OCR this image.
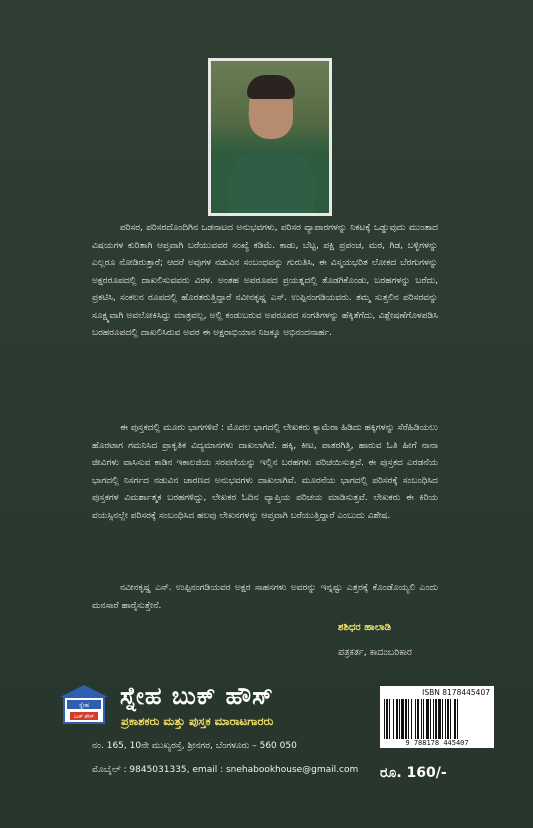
ಪರಿಸರ, ಪರಿಸರದೊಂದಿಗಿನ ಒಡನಾಟದ ಅನುಭವಗಳು, ಪರಿಸರ ವ್ಯಾಪಾರಗಳನ್ನು ನಿಕಟಕ್ಕೆ ಒಡ್ಡುವುದು ಮುಂತಾದ ವಿಷಯಗಳ ಕುರಿತಾಗಿ ಆಪ್ತವಾಗಿ ಬರೆಯುವವರ ಸಂಖ್ಯೆ ಕಡಿಮೆ. ಕಾಡು, ಬೆಟ್ಟ, ಪಕ್ಷಿ ಪ್ರಪಂಚ, ಮರ, ಗಿಡ, ಬಳ್ಳಿಗಳನ್ನು ಎಲ್ಲರೂ ನೋಡಿರುತ್ತಾರೆ; ಆದರೆ ಅವುಗಳ ನಡುವಿನ ಸಂಬಂಧವನ್ನು ಗುರುತಿಸಿ, ಈ ವಿಸ್ಮಯಭರಿತ ಲೋಕದ ಬೆರಗುಗಳನ್ನು ಅಕ್ಷರರೂಪದಲ್ಲಿ ದಾಖಲಿಸುವವರು ವಿರಳ. ಅಂತಹ ಅಪರೂಪದ ಪ್ರಯತ್ನದಲ್ಲಿ ತೊಡಗಿಕೊಂಡು, ಬರಹಗಳನ್ನು ಬರೆದು, ಪ್ರಕಟಿಸಿ, ಸಂಕಲನ ರೂಪದಲ್ಲಿ ಹೊರತರುತ್ತಿದ್ದಾರೆ ನವೀನಕೃಷ್ಣ ಎಸ್. ಉಪ್ಪಿನಂಗಡಿಯವರು. ತಮ್ಮ ಸುತ್ತಲಿನ ಪರಿಸರವನ್ನು ಸೂಕ್ಷ್ಮವಾಗಿ ಅವಲೋಕಿಸಿದ್ದು ಮಾತ್ರವಲ್ಲ, ಅಲ್ಲಿ ಕಂಡುಬರುವ ಅಪರೂಪದ ಸಂಗತಿಗಳನ್ನು ಹೆಕ್ಕಿತೆಗೆದು, ವಿಶ್ಲೇಷಣೆಗೊಳಪಡಿಸಿ ಬರಹರೂಪದಲ್ಲಿ ದಾಖಲಿಸಿರುವ ಅವರ ಈ ಅಕ್ಷರಾಭಿಯಾನ ನಿಜಕ್ಕೂ ಅಭಿನಂದನಾರ್ಹ.
ಈ ಪುಸ್ತಕದಲ್ಲಿ ಮೂರು ಭಾಗಗಳಿವೆ : ಮೊದಲ ಭಾಗದಲ್ಲಿ ಲೇಖಕರು ಕ್ಯಾಮೆರಾ ಹಿಡಿದು ಹಕ್ಕಿಗಳನ್ನು ಸೆರೆಹಿಡಿಯಲು ಹೊರಟಾಗ ಗಮನಿಸಿದ ಪ್ರಾಕೃತಿಕ ವಿದ್ಯಮಾನಗಳು ದಾಖಲಾಗಿವೆ. ಹಕ್ಕಿ, ಕೀಟ, ಪಾತರಗಿತ್ತಿ, ಹಾರುವ ಓತಿ ಹೀಗೆ ನಾನಾ ಜೀವಿಗಳು ವಾಸಿಸುವ ಕಾಡಿನ ಇಕಾಲಜಿಯ ಸರಪಣಿಯನ್ನು ಇಲ್ಲಿನ ಬರಹಗಳು ಪರಿಚಯಿಸುತ್ತವೆ. ಈ ಪುಸ್ತಕದ ಎರಡನೆಯ ಭಾಗದಲ್ಲಿ ನಿಸರ್ಗದ ನಡುವಿನ ಚಾರಣದ ಅನುಭವಗಳು ದಾಖಲಾಗಿವೆ. ಮೂರನೆಯ ಭಾಗದಲ್ಲಿ ಪರಿಸರಕ್ಕೆ ಸಂಬಂಧಿಸಿದ ಪುಸ್ತಕಗಳ ವಿಮರ್ಶಾತ್ಮಕ ಬರಹಗಳಿದ್ದು, ಲೇಖಕರ ಓದಿನ ವ್ಯಾಪ್ತಿಯ ಪರಿಚಯ ಮಾಡಿಸುತ್ತವೆ. ಲೇಖಕರು ಈ ಕಿರಿಯ ವಯಸ್ಸಿನಲ್ಲೇ ಪರಿಸರಕ್ಕೆ ಸಂಬಂಧಿಸಿದ ಹಲವು ಲೇಖನಗಳನ್ನು ಆಪ್ತವಾಗಿ ಬರೆಯುತ್ತಿದ್ದಾರೆ ಎಂಬುದು ವಿಶೇಷ.
ನವೀನಕೃಷ್ಣ ಎಸ್. ಉಪ್ಪಿನಂಗಡಿಯವರ ಅಕ್ಷರ ಸಾಹಸಗಳು ಅವರನ್ನು ಇನ್ನಷ್ಟು ಎತ್ತರಕ್ಕೆ ಕೊಂಡೊಯ್ಯಲಿ ಎಂದು ಮನಸಾರೆ ಹಾರೈಸುತ್ತೇನೆ.
ಶಶಿಧರ ಹಾಲಾಡಿ
ಪತ್ರಕರ್ತ, ಕಾದಂಬರಿಕಾರ
ಸ್ನೇಹ
ಬುಕ್ ಹೌಸ್
ಸ್ನೇಹ ಬುಕ್ ಹೌಸ್
ಪ್ರಕಾಶಕರು ಮತ್ತು ಪುಸ್ತಕ ಮಾರಾಟಗಾರರು
ನಂ. 165, 10ನೇ ಮುಖ್ಯರಸ್ತೆ, ಶ್ರೀನಗರ, ಬೆಂಗಳೂರು – 560 050
ಮೊಬೈಲ್ : 9845031335, email : snehabookhouse@gmail.com
ISBN 8178445407
9 788178 445407
ರೂ. 160/-
